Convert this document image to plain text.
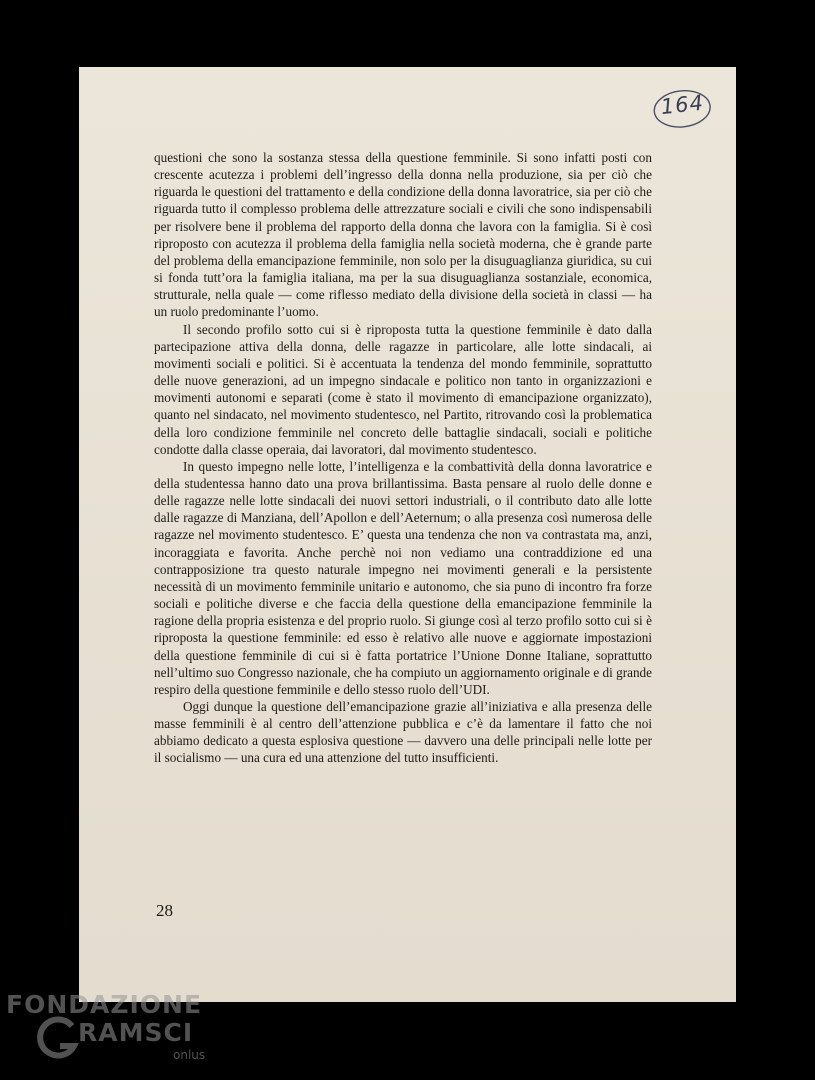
164

questioni che sono la sostanza stessa della questione femminile. Si sono infatti posti con crescente acutezza i problemi dell’ingresso della donna nella produzione, sia per ciò che riguarda le questioni del trattamento e della condizione della donna lavoratrice, sia per ciò che riguarda tutto il complesso problema delle attrezzature sociali e civili che sono indispensabili per risolvere bene il problema del rapporto della donna che lavora con la famiglia. Si è così riproposto con acutezza il problema della famiglia nella società moderna, che è grande parte del problema della emancipazione femminile, non solo per la disuguaglianza giuridica, su cui si fonda tutt’ora la famiglia italiana, ma per la sua disuguaglianza sostanziale, economica, strutturale, nella quale — come riflesso mediato della divisione della società in classi — ha un ruolo predominante l’uomo.

Il secondo profilo sotto cui si è riproposta tutta la questione femminile è dato dalla partecipazione attiva della donna, delle ragazze in particolare, alle lotte sindacali, ai movimenti sociali e politici. Si è accentuata la tendenza del mondo femminile, soprattutto delle nuove generazioni, ad un impegno sindacale e politico non tanto in organizzazioni e movimenti autonomi e separati (come è stato il movimento di emancipazione organizzato), quanto nel sindacato, nel movimento studentesco, nel Partito, ritrovando così la problematica della loro condizione femminile nel concreto delle battaglie sindacali, sociali e politiche condotte dalla classe operaia, dai lavoratori, dal movimento studentesco.

In questo impegno nelle lotte, l’intelligenza e la combattività della donna lavoratrice e della studentessa hanno dato una prova brillantissima. Basta pensare al ruolo delle donne e delle ragazze nelle lotte sindacali dei nuovi settori industriali, o il contributo dato alle lotte dalle ragazze di Manziana, dell’Apollon e dell’Aeternum; o alla presenza così numerosa delle ragazze nel movimento studentesco. E’ questa una tendenza che non va contrastata ma, anzi, incoraggiata e favorita. Anche perchè noi non vediamo una contraddizione ed una contrapposizione tra questo naturale impegno nei movimenti generali e la persistente necessità di un movimento femminile unitario e autonomo, che sia puno di incontro fra forze sociali e politiche diverse e che faccia della questione della emancipazione femminile la ragione della propria esistenza e del proprio ruolo. Si giunge così al terzo profilo sotto cui si è riproposta la questione femminile: ed esso è relativo alle nuove e aggiornate impostazioni della questione femminile di cui si è fatta portatrice l’Unione Donne Italiane, soprattutto nell’ultimo suo Congresso nazionale, che ha compiuto un aggiornamento originale e di grande respiro della questione femminile e dello stesso ruolo dell’UDI.

Oggi dunque la questione dell’emancipazione grazie all’iniziativa e alla presenza delle masse femminili è al centro dell’attenzione pubblica e c’è da lamentare il fatto che noi abbiamo dedicato a questa esplosiva questione — davvero una delle principali nelle lotte per il socialismo — una cura ed una attenzione del tutto insufficienti.

28
FONDAZIONE
RAMSCI
onlus
